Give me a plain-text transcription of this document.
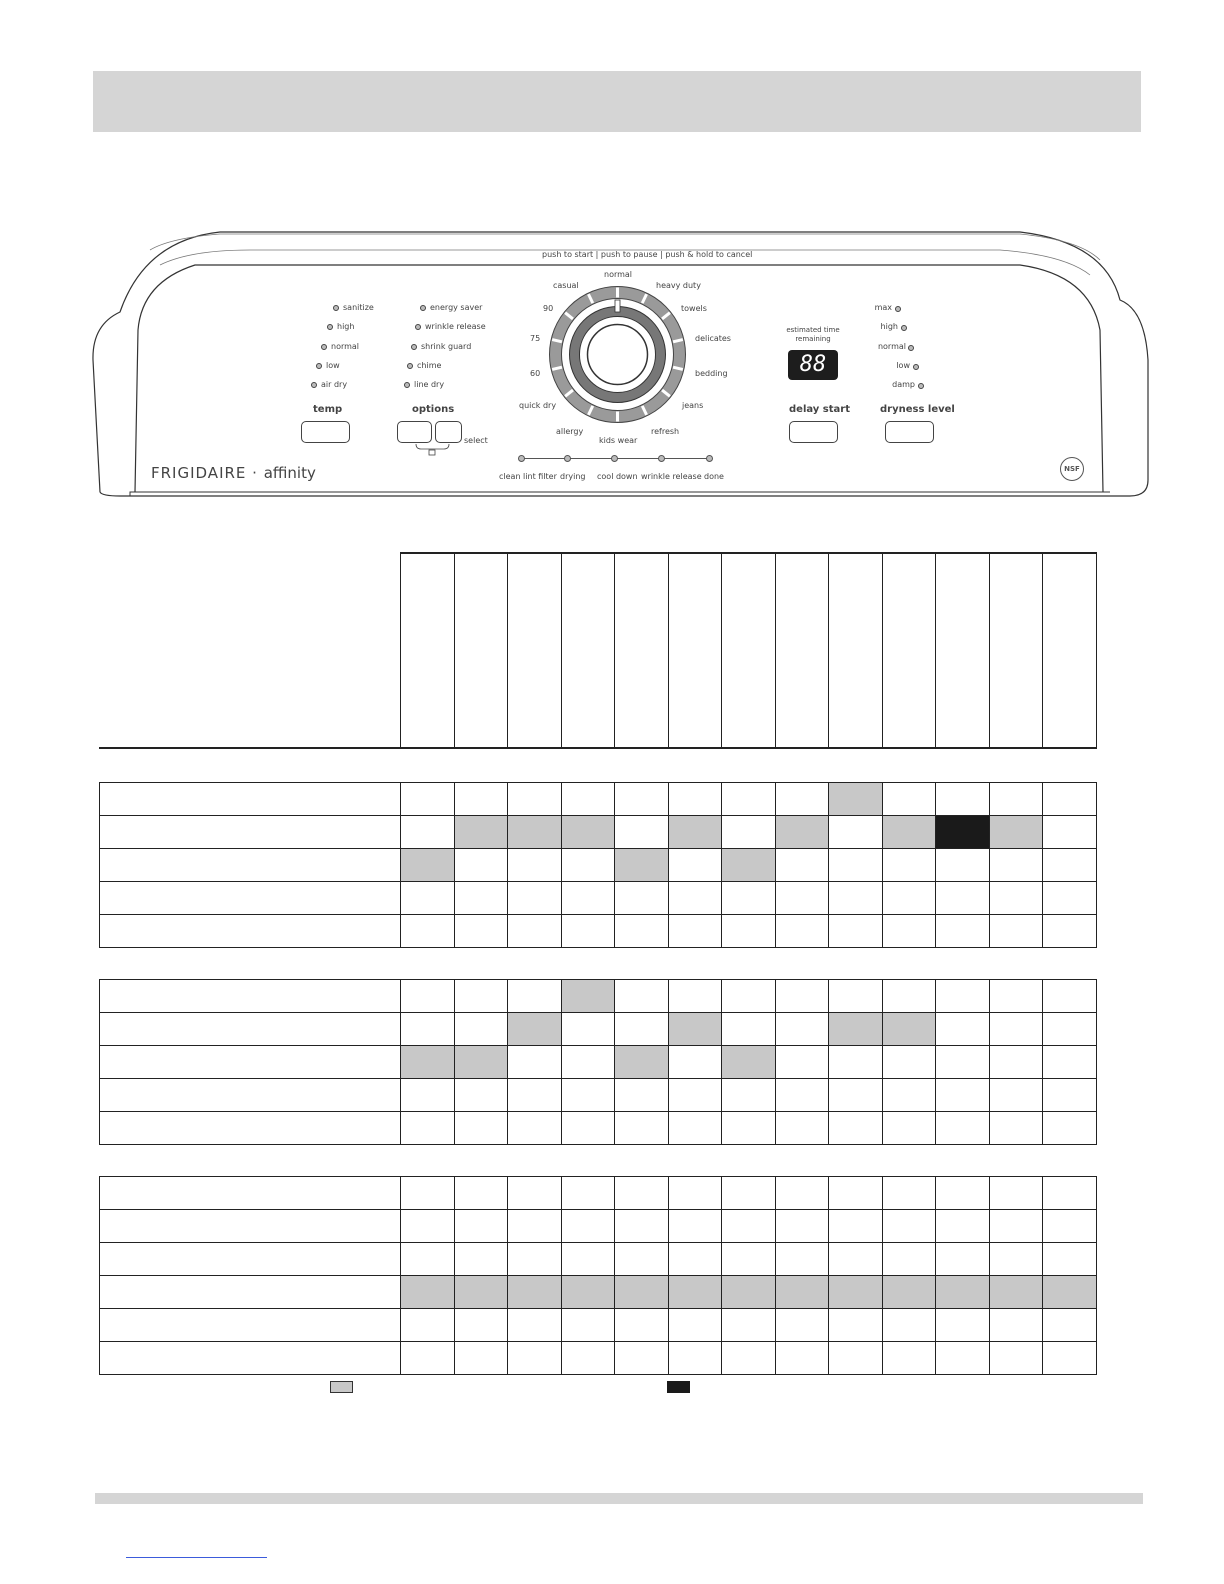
push to start | push to pause | push & hold to cancel
sanitize
high
normal
low
air dry
energy saver
wrinkle release
shrink guard
chime
line dry
temp	options
select
normal
heavy duty
towels
delicates
bedding
jeans
refresh
kids wear
allergy
quick dry
60
75
90
casual
estimated time remaining
88
delay start
max
high
normal
low
damp
dryness level
FRIGIDAIRE · affinity	NSF
clean lint filter drying cool down wrinkle release done
